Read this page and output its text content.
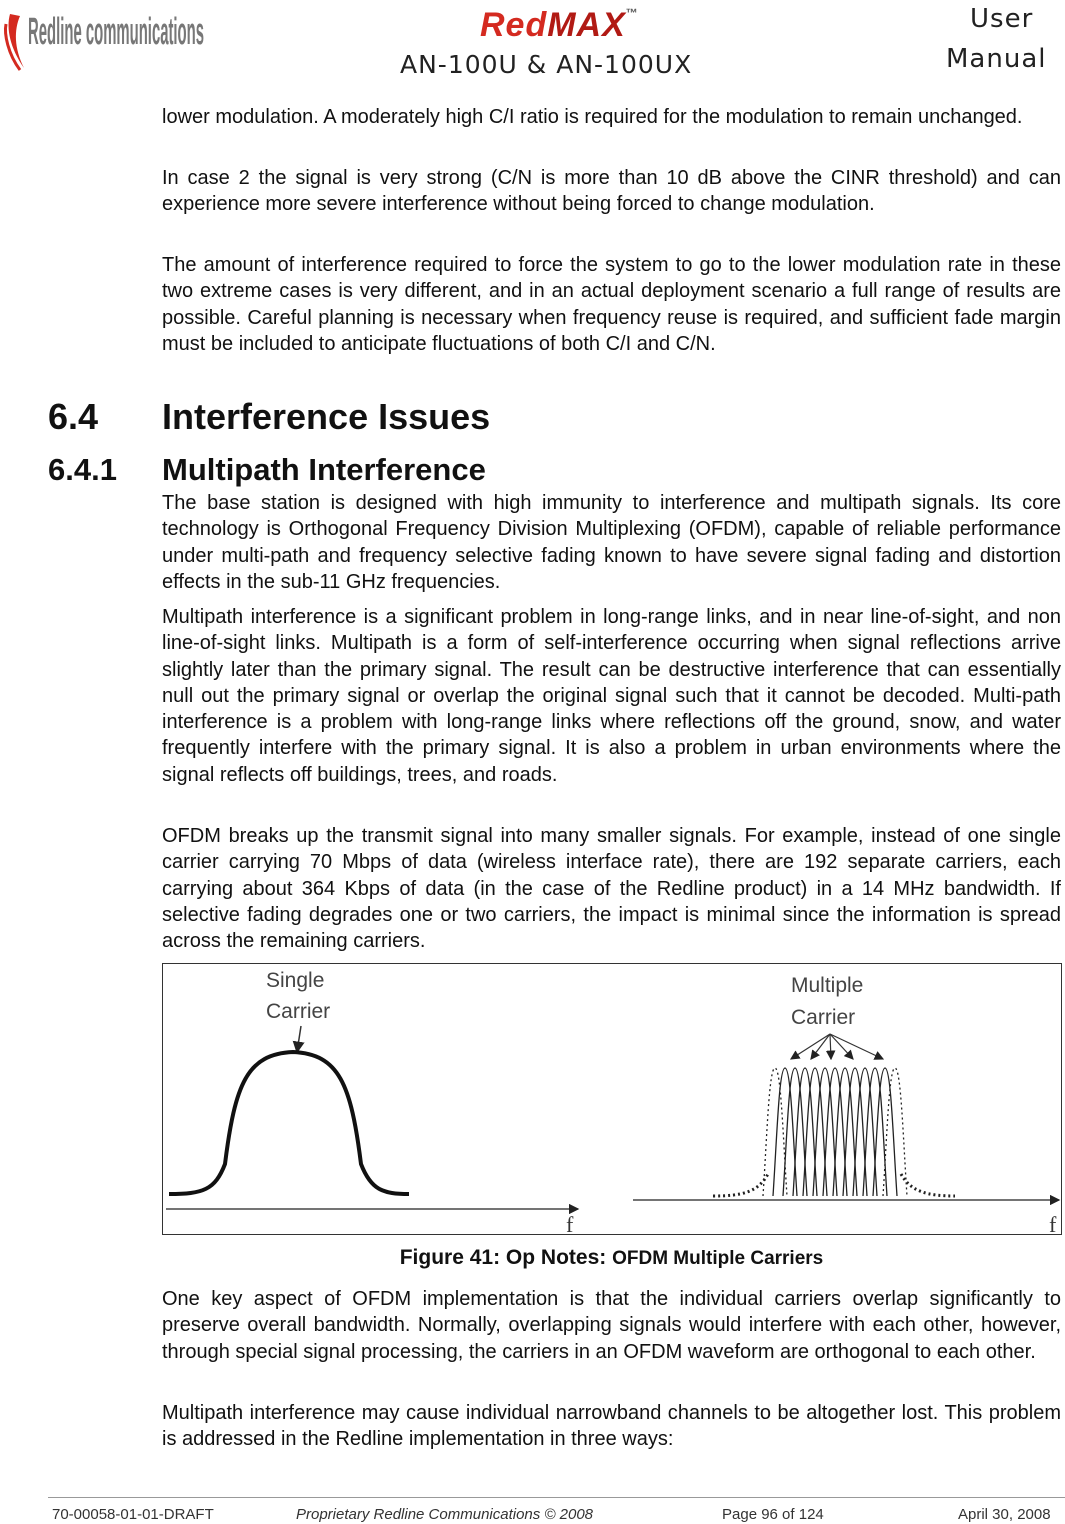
Redline communications	RedMAX™
AN-100U & AN-100UX
User
Manual
lower modulation. A moderately high C/I ratio is required for the modulation to remain unchanged.
In case 2 the signal is very strong (C/N is more than 10 dB above the CINR threshold) and can experience more severe interference without being forced to change modulation.
The amount of interference required to force the system to go to the lower modulation rate in these two extreme cases is very different, and in an actual deployment scenario a full range of results are possible. Careful planning is necessary when frequency reuse is required, and sufficient fade margin must be included to anticipate fluctuations of both C/I and C/N.
6.4 Interference Issues
6.4.1 Multipath Interference
The base station is designed with high immunity to interference and multipath signals. Its core technology is Orthogonal Frequency Division Multiplexing (OFDM), capable of reliable performance under multi-path and frequency selective fading known to have severe signal fading and distortion effects in the sub-11 GHz frequencies.
Multipath interference is a significant problem in long-range links, and in near line-of-sight, and non line-of-sight links. Multipath is a form of self-interference occurring when signal reflections arrive slightly later than the primary signal. The result can be destructive interference that can essentially null out the primary signal or overlap the original signal such that it cannot be decoded. Multi-path interference is a problem with long-range links where reflections off the ground, snow, and water frequently interfere with the primary signal. It is also a problem in urban environments where the signal reflects off buildings, trees, and roads.
OFDM breaks up the transmit signal into many smaller signals. For example, instead of one single carrier carrying 70 Mbps of data (wireless interface rate), there are 192 separate carriers, each carrying about 364 Kbps of data (in the case of the Redline product) in a 14 MHz bandwidth. If selective fading degrades one or two carriers, the impact is minimal since the information is spread across the remaining carriers.
Single
Carrier
f
Multiple
Carrier
f
Figure 41: Op Notes: OFDM Multiple Carriers
One key aspect of OFDM implementation is that the individual carriers overlap significantly to preserve overall bandwidth. Normally, overlapping signals would interfere with each other, however, through special signal processing, the carriers in an OFDM waveform are orthogonal to each other.
Multipath interference may cause individual narrowband channels to be altogether lost. This problem is addressed in the Redline implementation in three ways:
70-00058-01-01-DRAFT	Proprietary Redline Communications © 2008	Page 96 of 124	April 30, 2008
